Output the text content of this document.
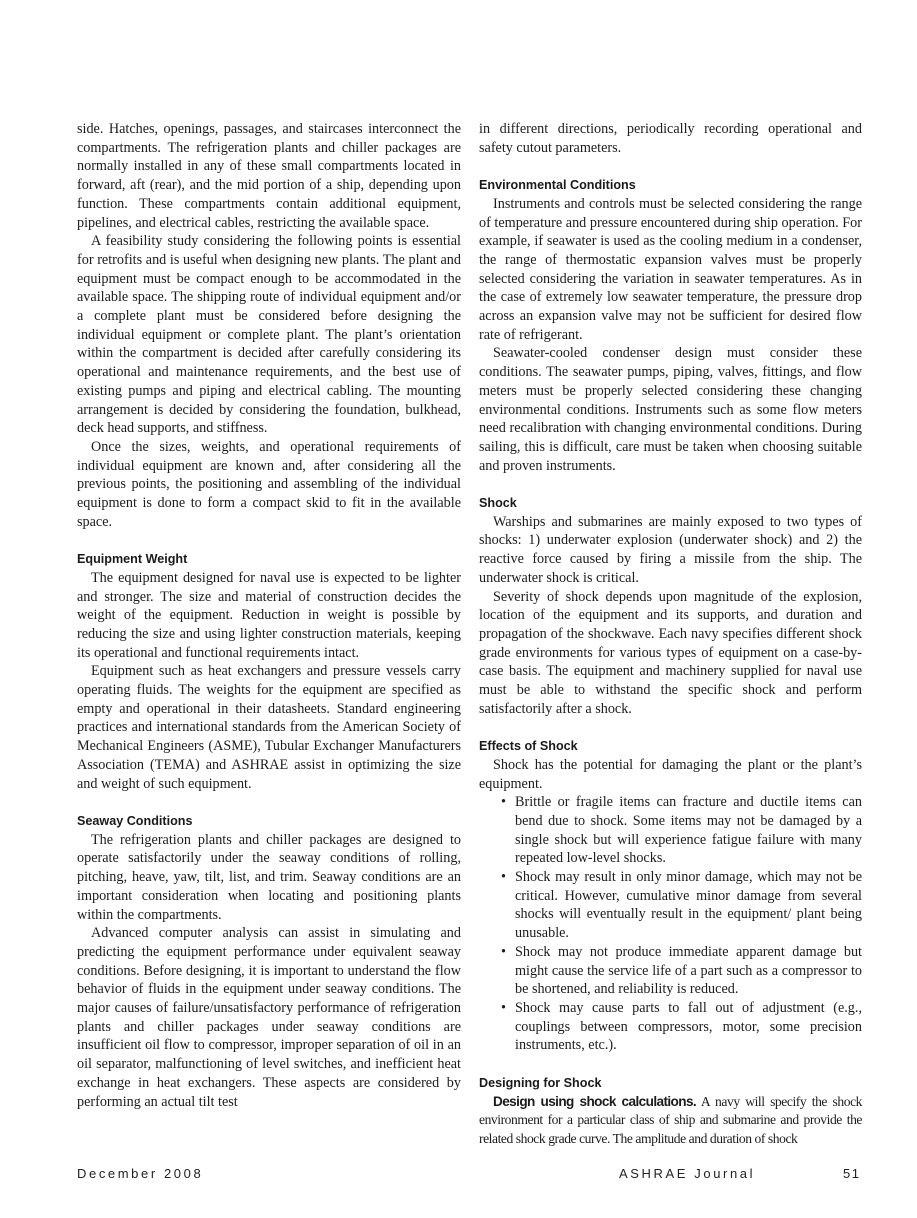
side. Hatches, openings, passages, and staircases interconnect the compartments. The refrigeration plants and chiller packages are normally installed in any of these small compartments located in forward, aft (rear), and the mid portion of a ship, depending upon function. These compartments contain additional equipment, pipelines, and electrical cables, restricting the available space.

A feasibility study considering the following points is essential for retrofits and is useful when designing new plants. The plant and equipment must be compact enough to be accommodated in the available space. The shipping route of individual equipment and/or a complete plant must be considered before designing the individual equipment or complete plant. The plant’s orientation within the compartment is decided after carefully considering its operational and maintenance requirements, and the best use of existing pumps and piping and electrical cabling. The mounting arrangement is decided by considering the foundation, bulkhead, deck head supports, and stiffness.

Once the sizes, weights, and operational requirements of individual equipment are known and, after considering all the previous points, the positioning and assembling of the individual equipment is done to form a compact skid to fit in the available space.

Equipment Weight

The equipment designed for naval use is expected to be lighter and stronger. The size and material of construction decides the weight of the equipment. Reduction in weight is possible by reducing the size and using lighter construction materials, keeping its operational and functional requirements intact.

Equipment such as heat exchangers and pressure vessels carry operating fluids. The weights for the equipment are specified as empty and operational in their datasheets. Standard engineering practices and international standards from the American Society of Mechanical Engineers (ASME), Tubular Exchanger Manufacturers Association (TEMA) and ASHRAE assist in optimizing the size and weight of such equipment.

Seaway Conditions

The refrigeration plants and chiller packages are designed to operate satisfactorily under the seaway conditions of rolling, pitching, heave, yaw, tilt, list, and trim. Seaway conditions are an important consideration when locating and positioning plants within the compartments.

Advanced computer analysis can assist in simulating and predicting the equipment performance under equivalent seaway conditions. Before designing, it is important to understand the flow behavior of fluids in the equipment under seaway conditions. The major causes of failure/unsatisfactory performance of refrigeration plants and chiller packages under seaway conditions are insufficient oil flow to compressor, improper separation of oil in an oil separator, malfunctioning of level switches, and inefficient heat exchange in heat exchangers. These aspects are considered by performing an actual tilt test

in different directions, periodically recording operational and safety cutout parameters.

Environmental Conditions

Instruments and controls must be selected considering the range of temperature and pressure encountered during ship operation. For example, if seawater is used as the cooling medium in a condenser, the range of thermostatic expansion valves must be properly selected considering the variation in seawater temperatures. As in the case of extremely low seawater temperature, the pressure drop across an expansion valve may not be sufficient for desired flow rate of refrigerant.

Seawater-cooled condenser design must consider these conditions. The seawater pumps, piping, valves, fittings, and flow meters must be properly selected considering these changing environmental conditions. Instruments such as some flow meters need recalibration with changing environmental conditions. During sailing, this is difficult, care must be taken when choosing suitable and proven instruments.

Shock

Warships and submarines are mainly exposed to two types of shocks: 1) underwater explosion (underwater shock) and 2) the reactive force caused by firing a missile from the ship. The underwater shock is critical.

Severity of shock depends upon magnitude of the explosion, location of the equipment and its supports, and duration and propagation of the shockwave. Each navy specifies different shock grade environments for various types of equipment on a case-by-case basis. The equipment and machinery supplied for naval use must be able to withstand the specific shock and perform satisfactorily after a shock.

Effects of Shock

Shock has the potential for damaging the plant or the plant’s equipment.

• Brittle or fragile items can fracture and ductile items can bend due to shock. Some items may not be damaged by a single shock but will experience fatigue failure with many repeated low-level shocks.
• Shock may result in only minor damage, which may not be critical. However, cumulative minor damage from several shocks will eventually result in the equipment/ plant being unusable.
• Shock may not produce immediate apparent damage but might cause the service life of a part such as a compressor to be shortened, and reliability is reduced.
• Shock may cause parts to fall out of adjustment (e.g., couplings between compressors, motor, some precision instruments, etc.).
Designing for Shock

Design using shock calculations. A navy will specify the shock environment for a particular class of ship and submarine and provide the related shock grade curve. The amplitude and duration of shock

December 2008	ASHRAE Journal	51
